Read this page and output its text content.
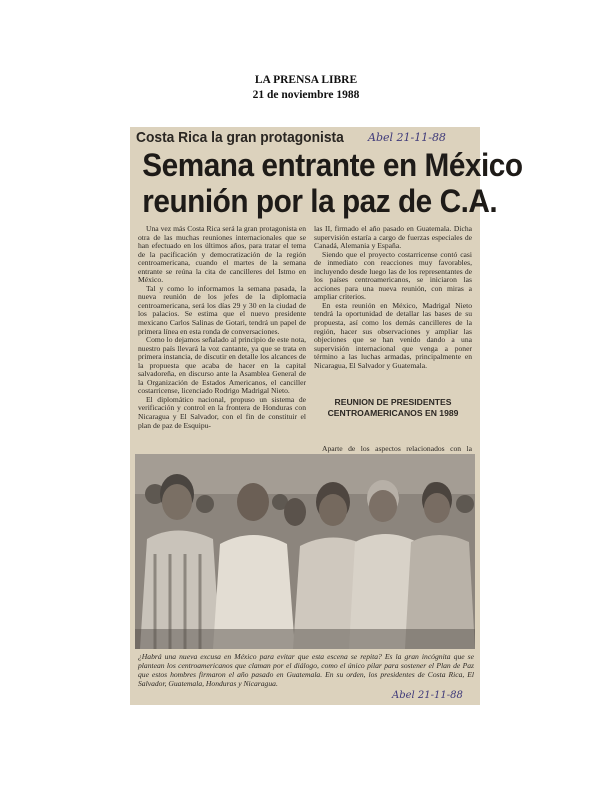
LA PRENSA LIBRE
21 de noviembre 1988
Costa Rica la gran protagonista Abel 21-11-88
Semana entrante en México
reunión por la paz de C.A.

Una vez más Costa Rica será la gran protagonista en otra de las muchas reuniones internacionales que se han efectuado en los últimos años, para tratar el tema de la pacificación y democratización de la región centroamericana, cuando el martes de la semana entrante se reúna la cita de cancilleres del Istmo en México.

Tal y como lo informamos la semana pasada, la nueva reunión de los jefes de la diplomacia centroamericana, será los días 29 y 30 en la ciudad de los palacios. Se estima que el nuevo presidente mexicano Carlos Salinas de Gotari, tendrá un papel de primera línea en esta ronda de conversaciones.

Como lo dejamos señalado al principio de este nota, nuestro país llevará la voz cantante, ya que se trata en primera instancia, de discutir en detalle los alcances de la propuesta que acaba de hacer en la capital salvadoreña, en discurso ante la Asamblea General de la Organización de Estados Americanos, el canciller costarricense, licenciado Rodrigo Madrigal Nieto.

El diplomático nacional, propuso un sistema de verificación y control en la frontera de Honduras con Nicaragua y El Salvador, con el fin de constituir el plan de paz de Esquipu-

las II, firmado el año pasado en Guatemala. Dicha supervisión estaría a cargo de fuerzas especiales de Canadá, Alemania y España.

Siendo que el proyecto costarricense contó casi de inmediato con reacciones muy favorables, incluyendo desde luego las de los representantes de los países centroamericanos, se iniciaron las acciones para una nueva reunión, con miras a ampliar criterios.

En esta reunión en México, Madrigal Nieto tendrá la oportunidad de detallar las bases de su propuesta, así como los demás cancilleres de la región, hacer sus observaciones y ampliar las objeciones que se han venido dando a una supervisión internacional que venga a poner término a las luchas armadas, principalmente en Nicaragua, El Salvador y Guatemala.

REUNION DE PRESIDENTES
CENTROAMERICANOS EN 1989

Aparte de los aspectos relacionados con la

¿Habrá una nueva excusa en México para evitar que esta escena se repita? Es la gran incógnita que se plantean los centroamericanos que claman por el diálogo, como el único pilar para sostener el Plan de Paz que estos hombres firmaron el año pasado en Guatemala. En su orden, los presidentes de Costa Rica, El Salvador, Guatemala, Honduras y Nicaragua.
Abel 21-11-88
